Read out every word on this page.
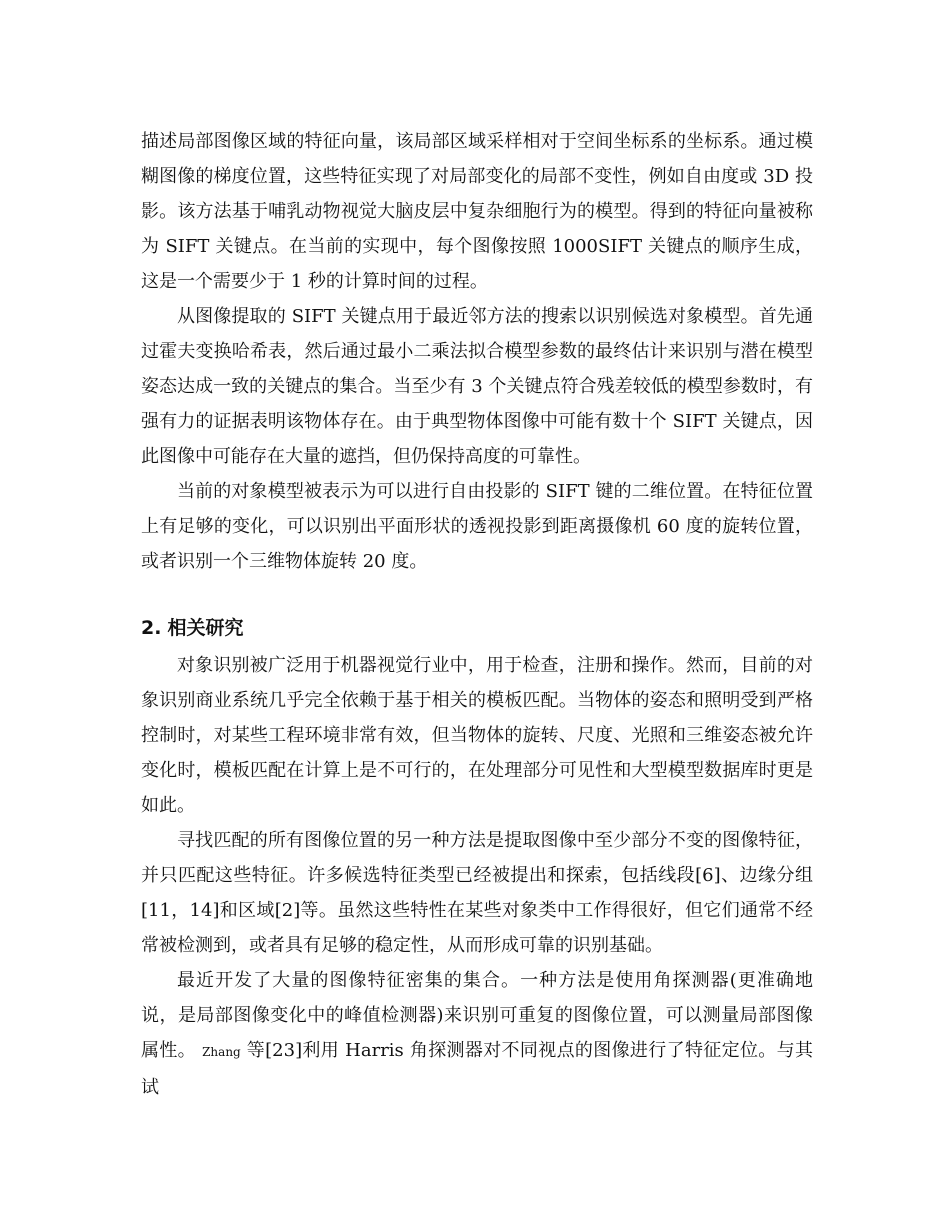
描述局部图像区域的特征向量，该局部区域采样相对于空间坐标系的坐标系。通过模糊图像的梯度位置，这些特征实现了对局部变化的局部不变性，例如自由度或 3D 投影。该方法基于哺乳动物视觉大脑皮层中复杂细胞行为的模型。得到的特征向量被称为 SIFT 关键点。在当前的实现中，每个图像按照 1000SIFT 关键点的顺序生成，这是一个需要少于 1 秒的计算时间的过程。

从图像提取的 SIFT 关键点用于最近邻方法的搜索以识别候选对象模型。首先通过霍夫变换哈希表，然后通过最小二乘法拟合模型参数的最终估计来识别与潜在模型姿态达成一致的关键点的集合。当至少有 3 个关键点符合残差较低的模型参数时，有强有力的证据表明该物体存在。由于典型物体图像中可能有数十个 SIFT 关键点，因此图像中可能存在大量的遮挡，但仍保持高度的可靠性。

当前的对象模型被表示为可以进行自由投影的 SIFT 键的二维位置。在特征位置上有足够的变化，可以识别出平面形状的透视投影到距离摄像机 60 度的旋转位置，或者识别一个三维物体旋转 20 度。

2. 相关研究

对象识别被广泛用于机器视觉行业中，用于检查，注册和操作。然而，目前的对象识别商业系统几乎完全依赖于基于相关的模板匹配。当物体的姿态和照明受到严格控制时，对某些工程环境非常有效，但当物体的旋转、尺度、光照和三维姿态被允许变化时，模板匹配在计算上是不可行的，在处理部分可见性和大型模型数据库时更是如此。

寻找匹配的所有图像位置的另一种方法是提取图像中至少部分不变的图像特征，并只匹配这些特征。许多候选特征类型已经被提出和探索，包括线段[6]、边缘分组[11，14]和区域[2]等。虽然这些特性在某些对象类中工作得很好，但它们通常不经常被检测到，或者具有足够的稳定性，从而形成可靠的识别基础。

最近开发了大量的图像特征密集的集合。一种方法是使用角探测器(更准确地说，是局部图像变化中的峰值检测器)来识别可重复的图像位置，可以测量局部图像属性。 Zhang 等[23]利用 Harris 角探测器对不同视点的图像进行了特征定位。与其试
